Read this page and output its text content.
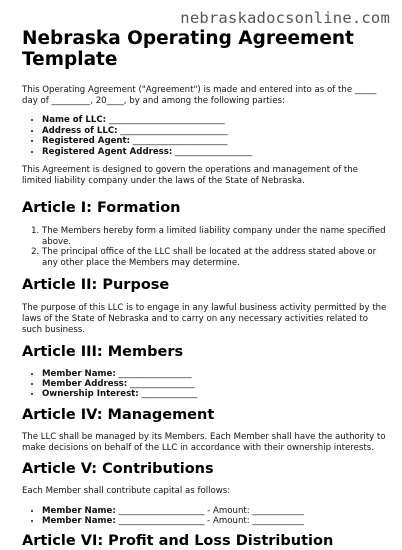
nebraskadocsonline.com
Nebraska Operating Agreement
Template

This Operating Agreement ("Agreement") is made and entered into as of the _____ day of _________, 20____, by and among the following parties:

• Name of LLC: ___________________________
• Address of LLC: _________________________
• Registered Agent: ______________________
• Registered Agent Address: __________________

This Agreement is designed to govern the operations and management of the limited liability company under the laws of the State of Nebraska.

Article I: Formation
1. The Members hereby form a limited liability company under the name specified above.
2. The principal office of the LLC shall be located at the address stated above or any other place the Members may determine.
Article II: Purpose

The purpose of this LLC is to engage in any lawful business activity permitted by the laws of the State of Nebraska and to carry on any necessary activities related to such business.

Article III: Members
• Member Name: _________________
• Member Address: _______________
• Ownership Interest: _____________
Article IV: Management

The LLC shall be managed by its Members. Each Member shall have the authority to make decisions on behalf of the LLC in accordance with their ownership interests.

Article V: Contributions

Each Member shall contribute capital as follows:

• Member Name: ____________________ - Amount: ____________
• Member Name: ____________________ - Amount: ____________
Article VI: Profit and Loss Distribution
